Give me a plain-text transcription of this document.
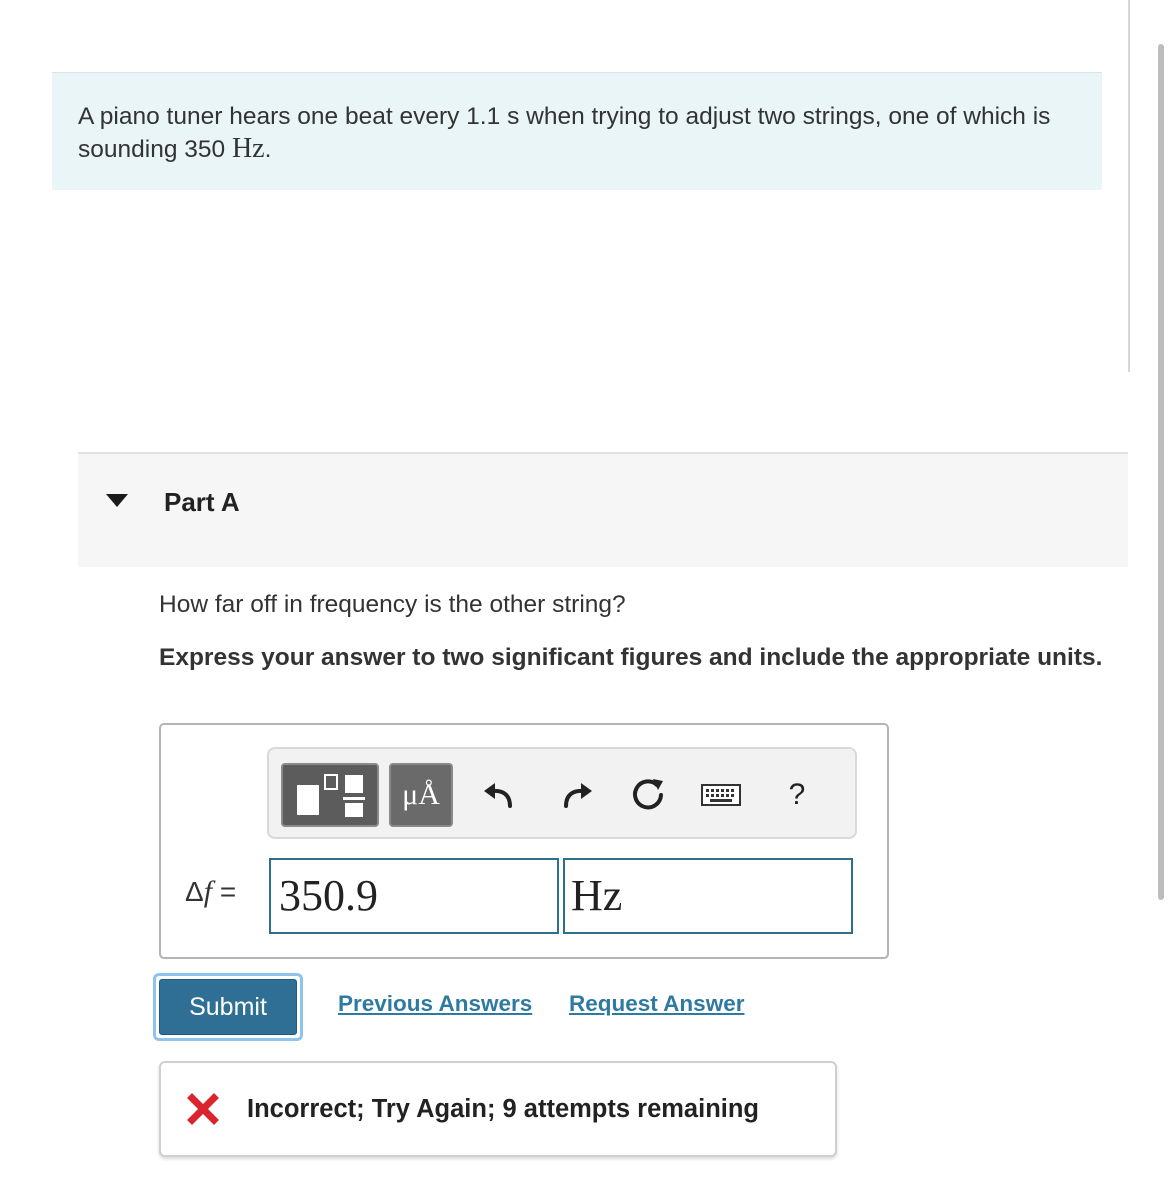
A piano tuner hears one beat every 1.1 s when trying to adjust two strings, one of which is sounding 350 Hz.
Part A
How far off in frequency is the other string?
Express your answer to two significant figures and include the appropriate units.
μÅ	?
Δf = 350.9	Hz
Submit	Previous Answers Request Answer
Incorrect; Try Again; 9 attempts remaining
